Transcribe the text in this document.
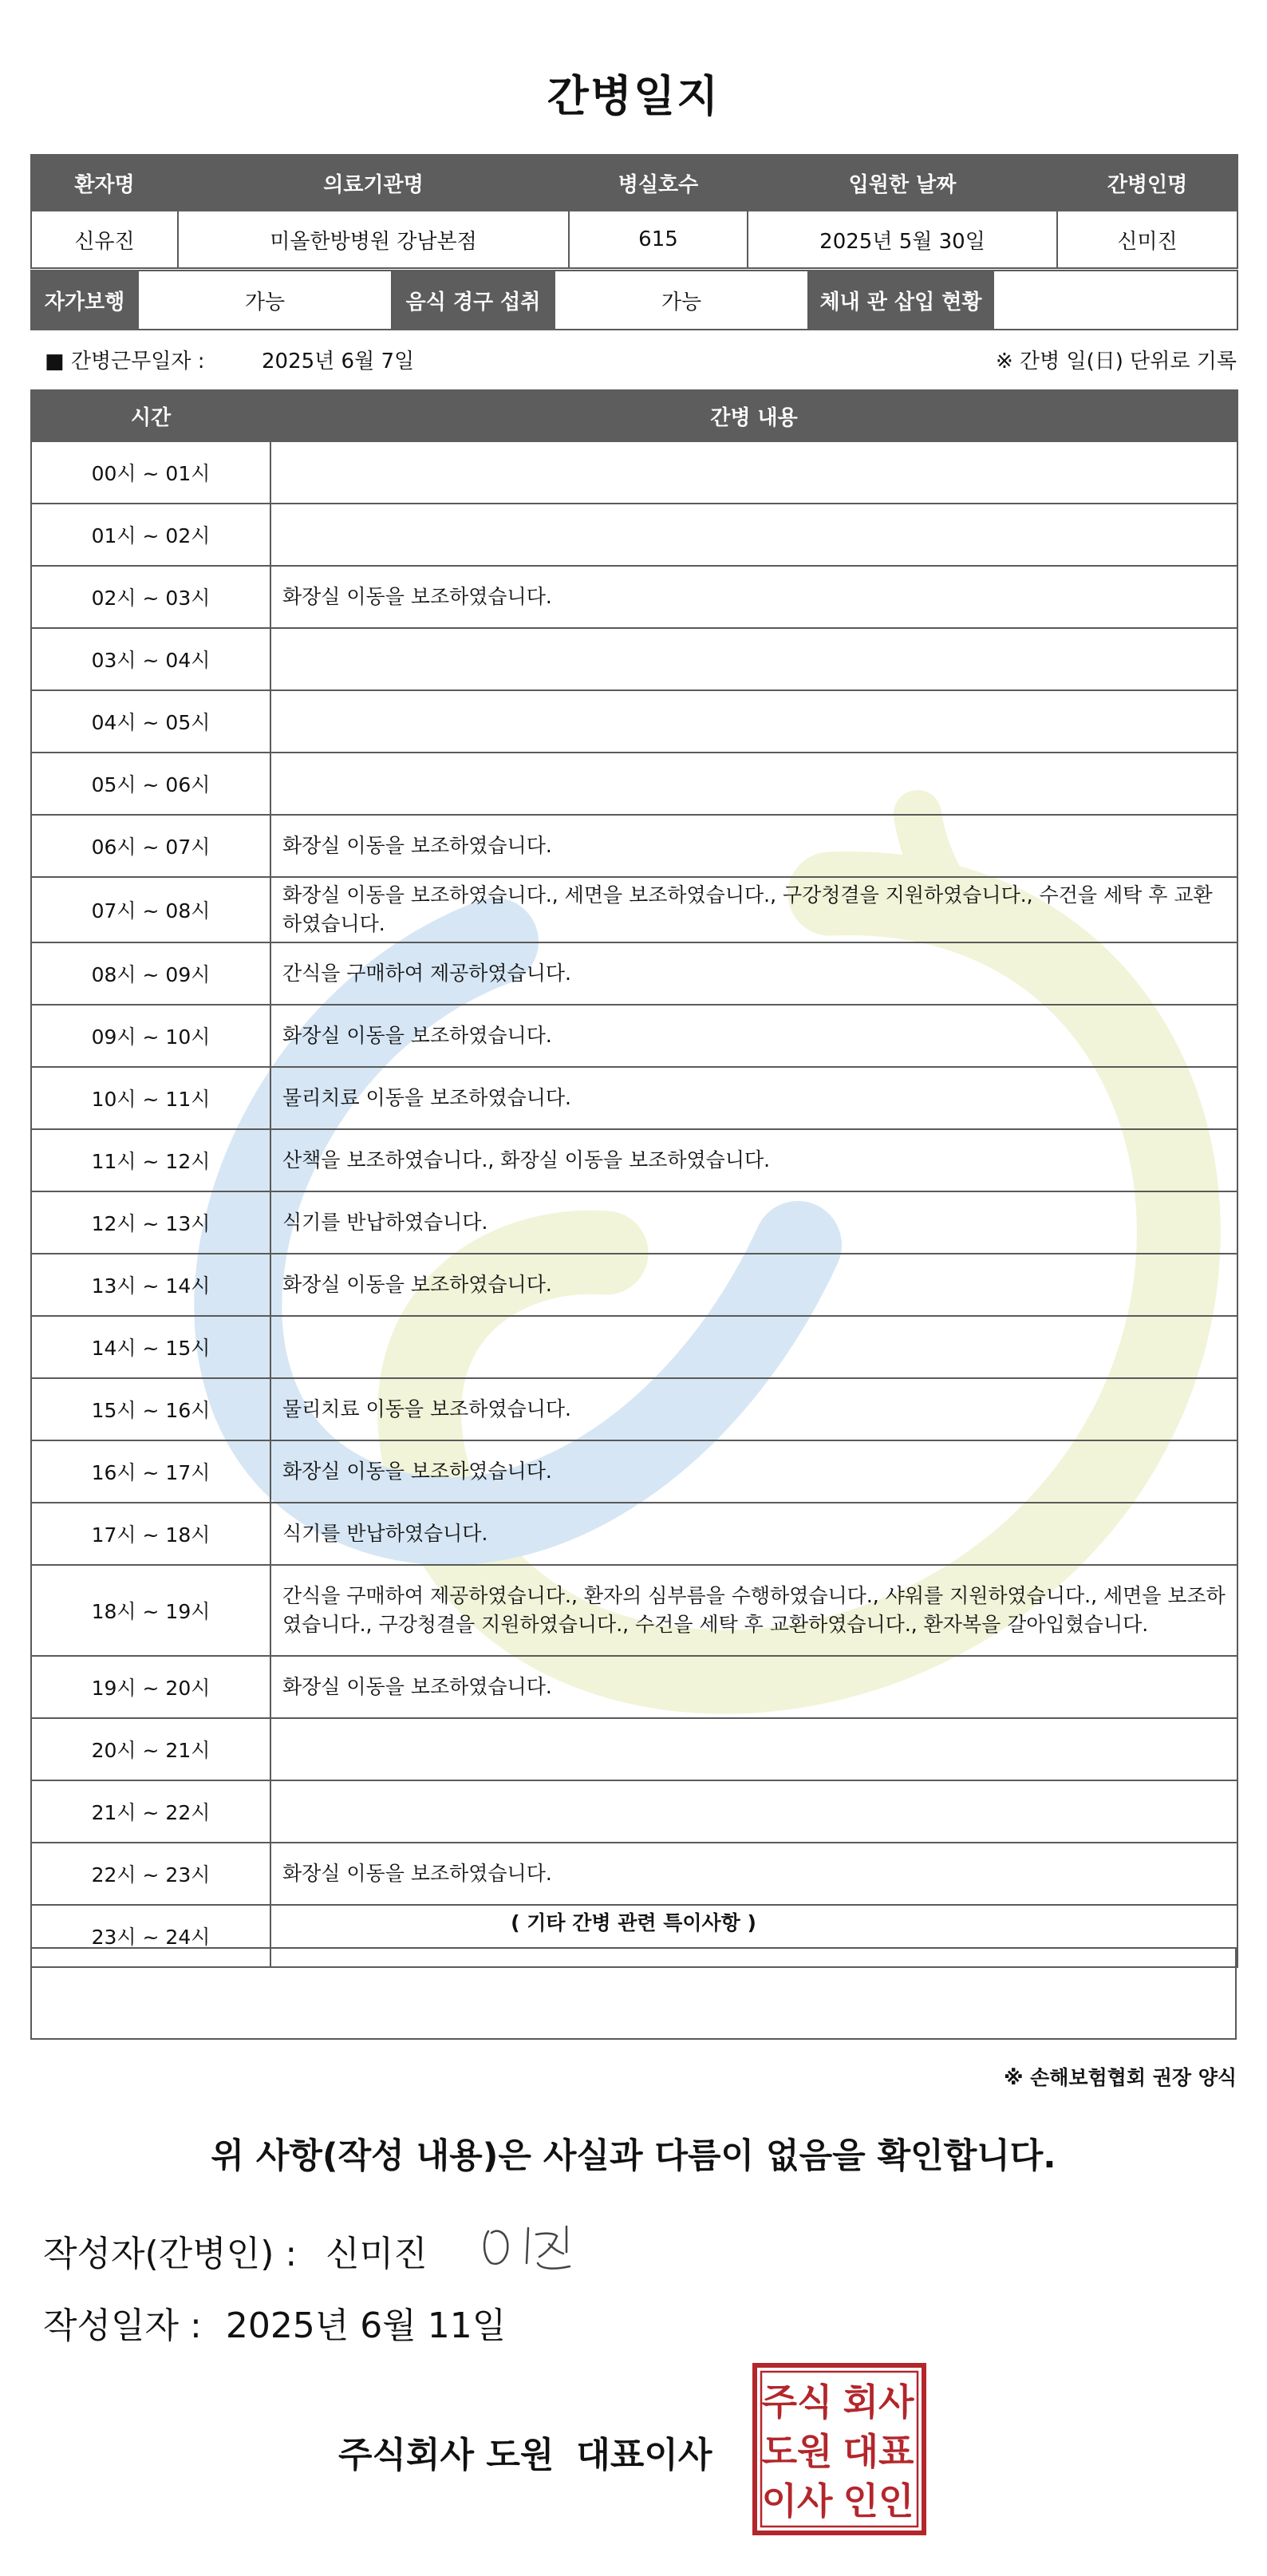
간병일지
환자명	의료기관명	병실호수	입원한 날짜	간병인명
신유진	미올한방병원 강남본점	615	2025년 5월 30일	신미진
자가보행	가능	음식 경구 섭취	가능	체내 관 삽입 현황	
■ 간병근무일자 :	2025년 6월 7일	※ 간병 일(日) 단위로 기록
시간	간병 내용
00시 ~ 01시	
01시 ~ 02시	
02시 ~ 03시	화장실 이동을 보조하였습니다.
03시 ~ 04시	
04시 ~ 05시	
05시 ~ 06시	
06시 ~ 07시	화장실 이동을 보조하였습니다.
07시 ~ 08시	화장실 이동을 보조하였습니다., 세면을 보조하였습니다., 구강청결을 지원하였습니다., 수건을 세탁 후 교환하였습니다.
08시 ~ 09시	간식을 구매하여 제공하였습니다.
09시 ~ 10시	화장실 이동을 보조하였습니다.
10시 ~ 11시	물리치료 이동을 보조하였습니다.
11시 ~ 12시	산책을 보조하였습니다., 화장실 이동을 보조하였습니다.
12시 ~ 13시	식기를 반납하였습니다.
13시 ~ 14시	화장실 이동을 보조하였습니다.
14시 ~ 15시	
15시 ~ 16시	물리치료 이동을 보조하였습니다.
16시 ~ 17시	화장실 이동을 보조하였습니다.
17시 ~ 18시	식기를 반납하였습니다.
18시 ~ 19시	간식을 구매하여 제공하였습니다., 환자의 심부름을 수행하였습니다., 샤워를 지원하였습니다., 세면을 보조하였습니다., 구강청결을 지원하였습니다., 수건을 세탁 후 교환하였습니다., 환자복을 갈아입혔습니다.
19시 ~ 20시	화장실 이동을 보조하였습니다.
20시 ~ 21시	
21시 ~ 22시	
22시 ~ 23시	화장실 이동을 보조하였습니다.
23시 ~ 24시	
( 기타 간병 관련 특이사항 )
※ 손해보험협회 권장 양식
위 사항(작성 내용)은 사실과 다름이 없음을 확인합니다.
작성자(간병인) : 신미진
작성일자 : 2025년 6월 11일
주식회사 도원 대표이사
주식 회사
도원 대표
이사 인인
